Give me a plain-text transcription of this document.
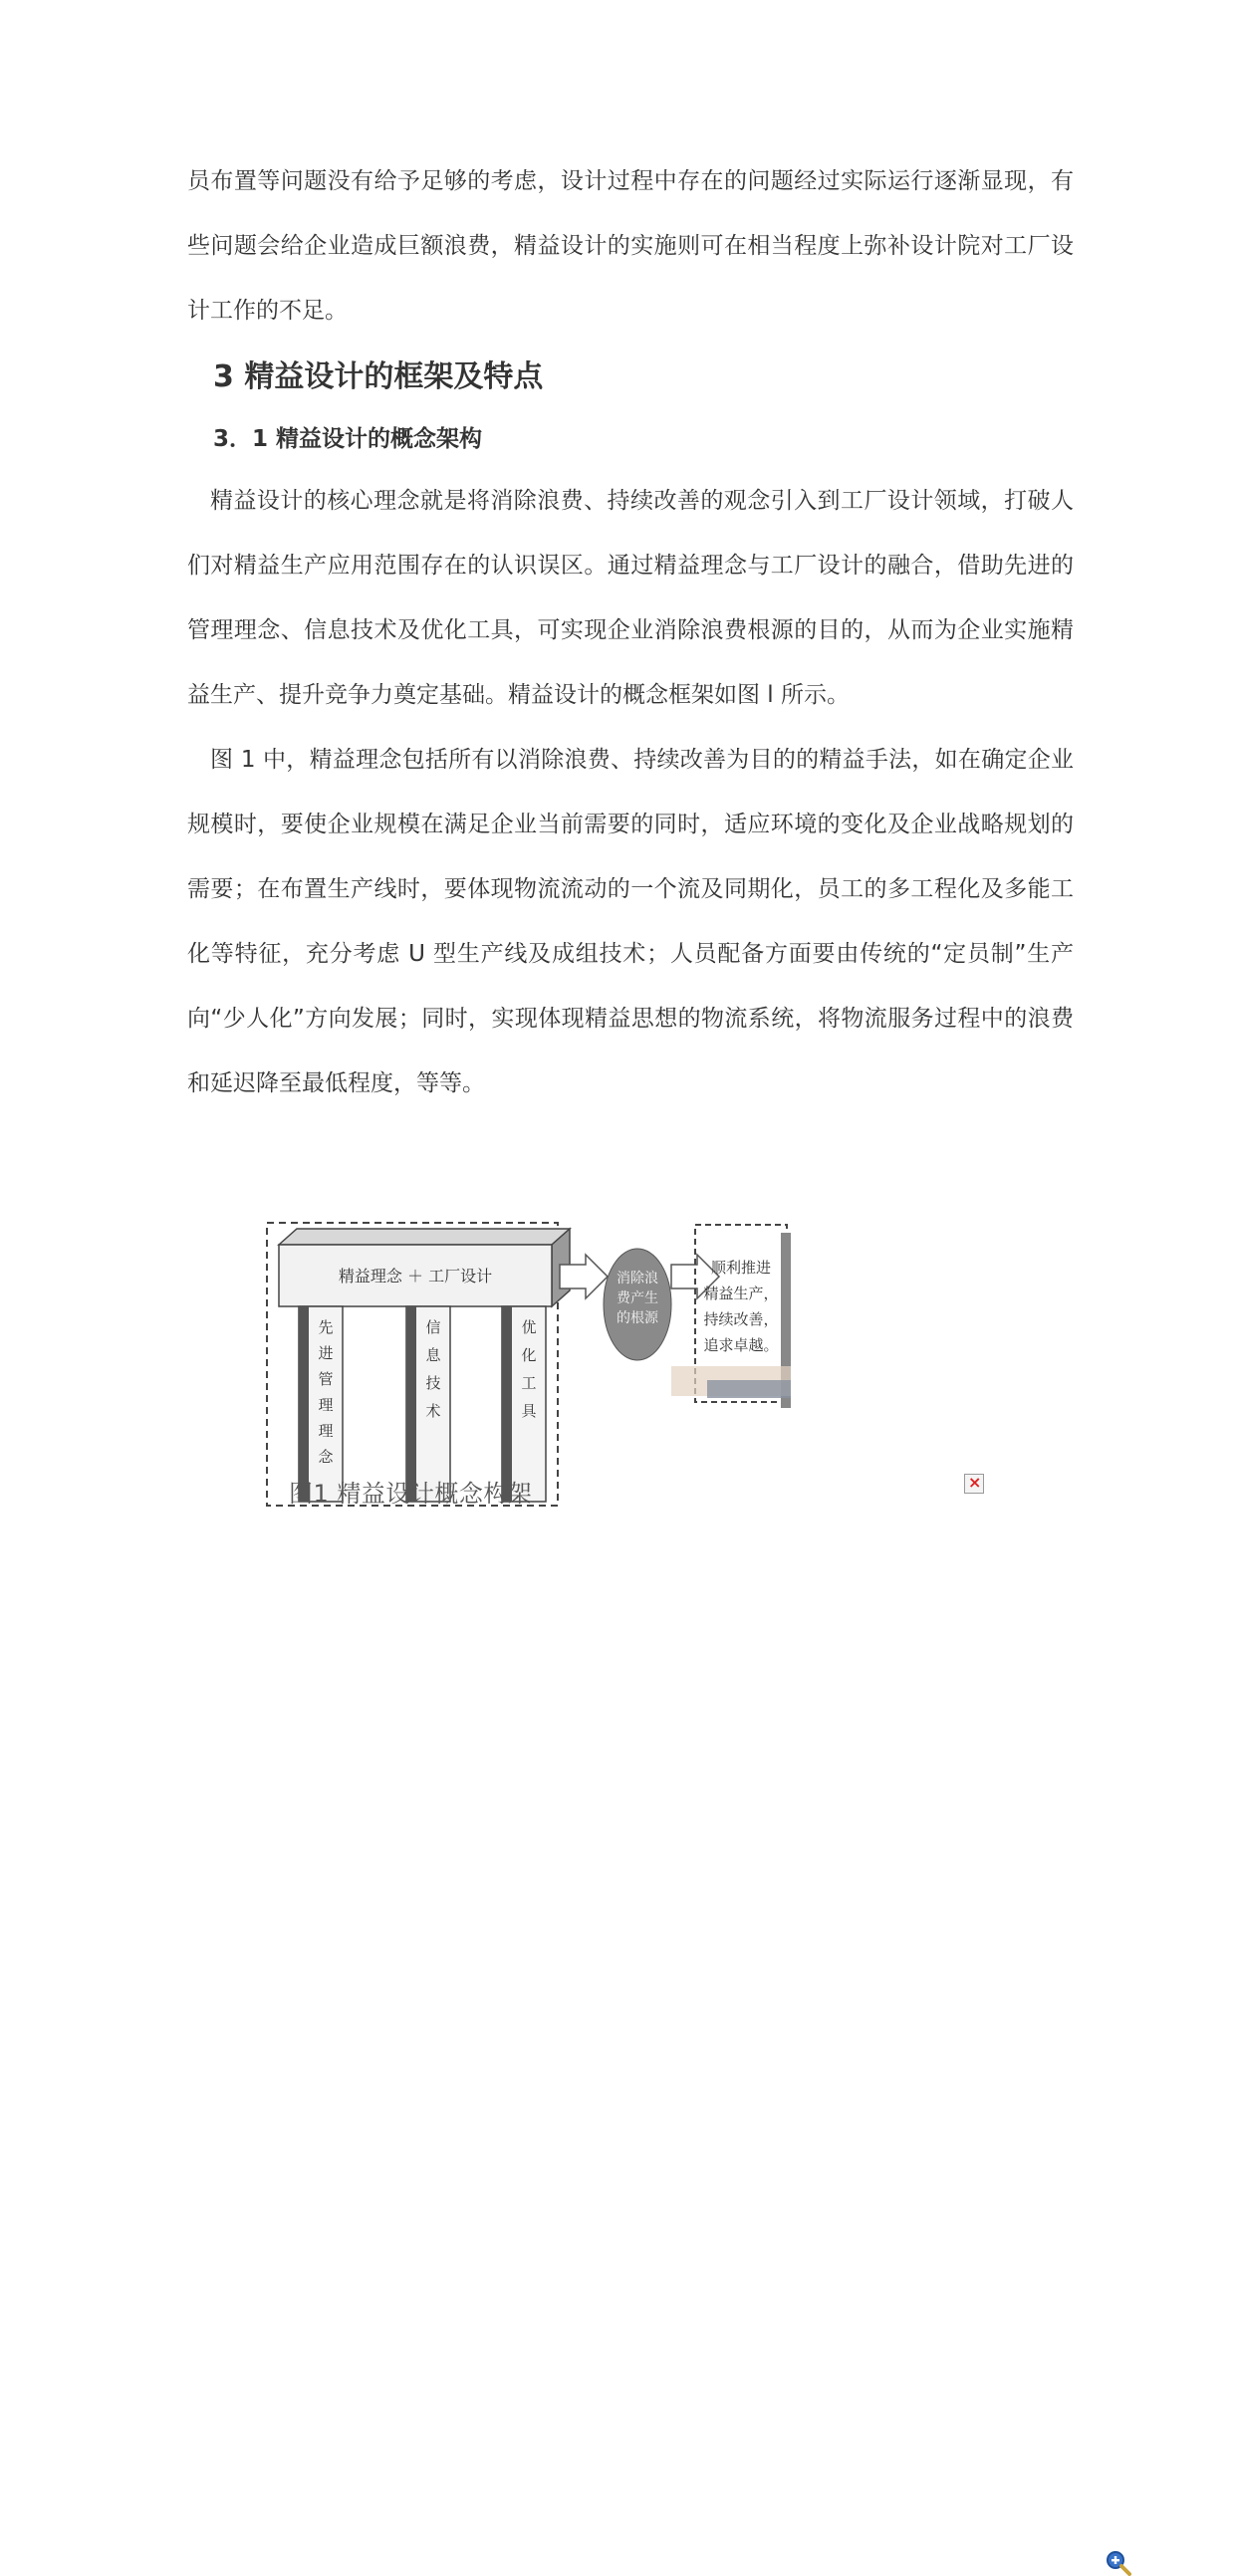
员布置等问题没有给予足够的考虑，设计过程中存在的问题经过实际运行逐渐显现，有些问题会给企业造成巨额浪费，精益设计的实施则可在相当程度上弥补设计院对工厂设计工作的不足。

3 精益设计的框架及特点
3．1 精益设计的概念架构

精益设计的核心理念就是将消除浪费、持续改善的观念引入到工厂设计领域，打破人们对精益生产应用范围存在的认识误区。通过精益理念与工厂设计的融合，借助先进的管理理念、信息技术及优化工具，可实现企业消除浪费根源的目的，从而为企业实施精益生产、提升竞争力奠定基础。精益设计的概念框架如图 l 所示。

图 1 中，精益理念包括所有以消除浪费、持续改善为目的的精益手法，如在确定企业规模时，要使企业规模在满足企业当前需要的同时，适应环境的变化及企业战略规划的需要；在布置生产线时，要体现物流流动的一个流及同期化，员工的多工程化及多能工化等特征，充分考虑 U 型生产线及成组技术；人员配备方面要由传统的“定员制”生产向“少人化”方向发展；同时，实现体现精益思想的物流系统，将物流服务过程中的浪费和延迟降至最低程度，等等。

精益理念 ＋ 工厂设计
先进管理理念
信息技术
优化工具
消除浪费产生的根源
顺利推进精益生产，持续改善，追求卓越。
图1 精益设计概念构架	×
